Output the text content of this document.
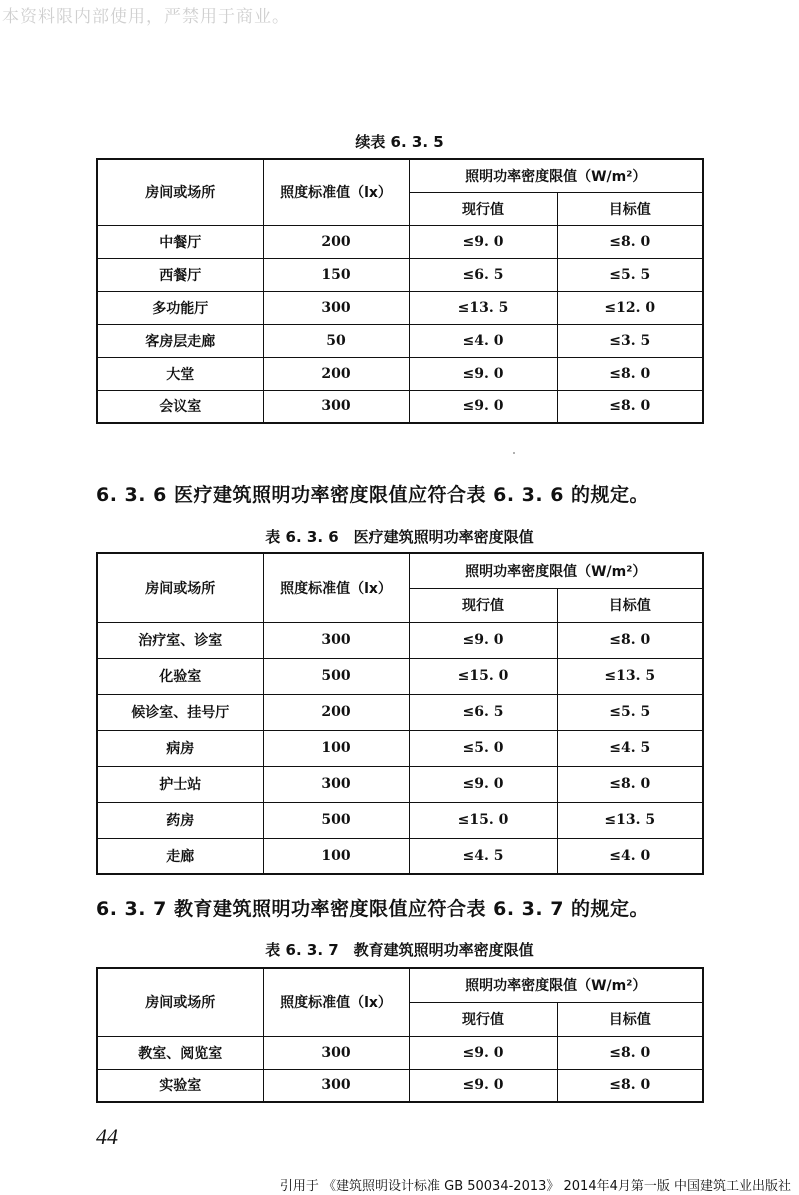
本资料限内部使用，严禁用于商业。
续表 6. 3. 5
房间或场所	照度标准值（lx）	照明功率密度限值（W/m²）	
		现行值	目标值
中餐厅	200	≤9. 0	≤8. 0
西餐厅	150	≤6. 5	≤5. 5
多功能厅	300	≤13. 5	≤12. 0
客房层走廊	50	≤4. 0	≤3. 5
大堂	200	≤9. 0	≤8. 0
会议室	300	≤9. 0	≤8. 0
6. 3. 6 医疗建筑照明功率密度限值应符合表 6. 3. 6 的规定。
表 6. 3. 6　医疗建筑照明功率密度限值
房间或场所	照度标准值（lx）	照明功率密度限值（W/m²）	
		现行值	目标值
治疗室、诊室	300	≤9. 0	≤8. 0
化验室	500	≤15. 0	≤13. 5
候诊室、挂号厅	200	≤6. 5	≤5. 5
病房	100	≤5. 0	≤4. 5
护士站	300	≤9. 0	≤8. 0
药房	500	≤15. 0	≤13. 5
走廊	100	≤4. 5	≤4. 0
6. 3. 7 教育建筑照明功率密度限值应符合表 6. 3. 7 的规定。
表 6. 3. 7　教育建筑照明功率密度限值
房间或场所	照度标准值（lx）	照明功率密度限值（W/m²）	
		现行值	目标值
教室、阅览室	300	≤9. 0	≤8. 0
实验室	300	≤9. 0	≤8. 0
44
引用于 《建筑照明设计标准 GB 50034-2013》 2014年4月第一版 中国建筑工业出版社
